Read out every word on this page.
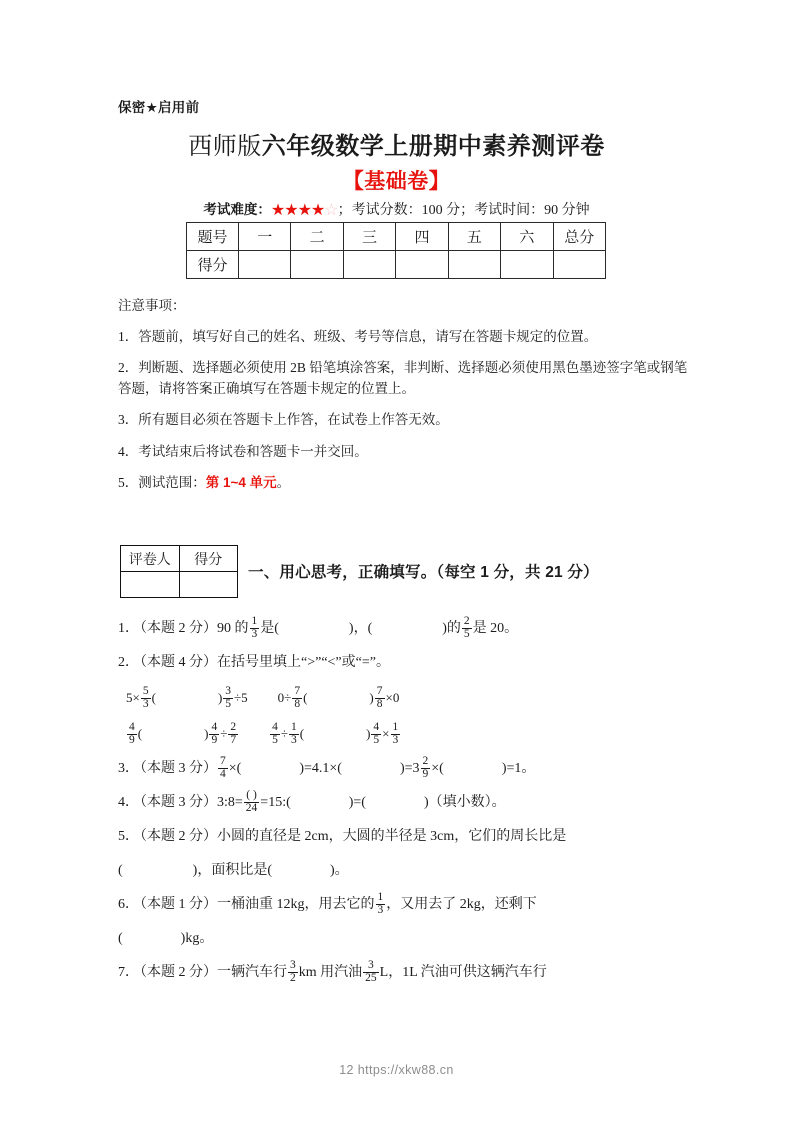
保密★启用前
西师版六年级数学上册期中素养测评卷
【基础卷】
考试难度：★★★★☆；考试分数：100 分；考试时间：90 分钟
题号	一	二	三	四	五	六	总分
得分							
注意事项：
1．答题前，填写好自己的姓名、班级、考号等信息，请写在答题卡规定的位置。
2．判断题、选择题必须使用 2B 铅笔填涂答案，非判断、选择题必须使用黑色墨迹签字笔或钢笔答题，请将答案正确填写在答题卡规定的位置上。
3．所有题目必须在答题卡上作答，在试卷上作答无效。
4．考试结束后将试卷和答题卡一并交回。
5．测试范围：第 1~4 单元。
评卷人	得分

一、用心思考，正确填写。（每空 1 分，共 21 分）
1．（本题 2 分）90 的 $\frac{1}{3}$ 是(	)，(	)的 $\frac{2}{5}$ 是 20。
2．（本题 4 分）在括号里填上“>”“<”或“=”。
$5\times \frac{5}{3}$ (	) $\frac{3}{5} \div 5$ $0\div \frac{7}{8}$ (	) $\frac{7}{8} \times 0$
$\frac{4}{9}$ (	) $\frac{4}{9} \div \frac{2}{7}$	$\frac{4}{5} \div \frac{1}{3}$ (	) $\frac{4}{5} \times \frac{1}{3}$
3．（本题 3 分） $\frac{7}{4}$ ×(	)=4.1×(	)$=3 \frac{2}{9}$ ×(	)=1。
4．（本题 3 分）3:8= $\frac{( )}{24}$ =15:(	)=(	)（填小数）。
5．（本题 2 分）小圆的直径是 2cm，大圆的半径是 3cm，它们的周长比是
(	)，面积比是(	)。
6．（本题 1 分）一桶油重 12kg，用去它的 $\frac{1}{3}$ ，又用去了 2kg，还剩下
(	)kg。
7．（本题 2 分）一辆汽车行 $\frac{3}{2}$ km 用汽油 $\frac{3}{25}$ L，1L 汽油可供这辆汽车行
12 https://xkw88.cn
